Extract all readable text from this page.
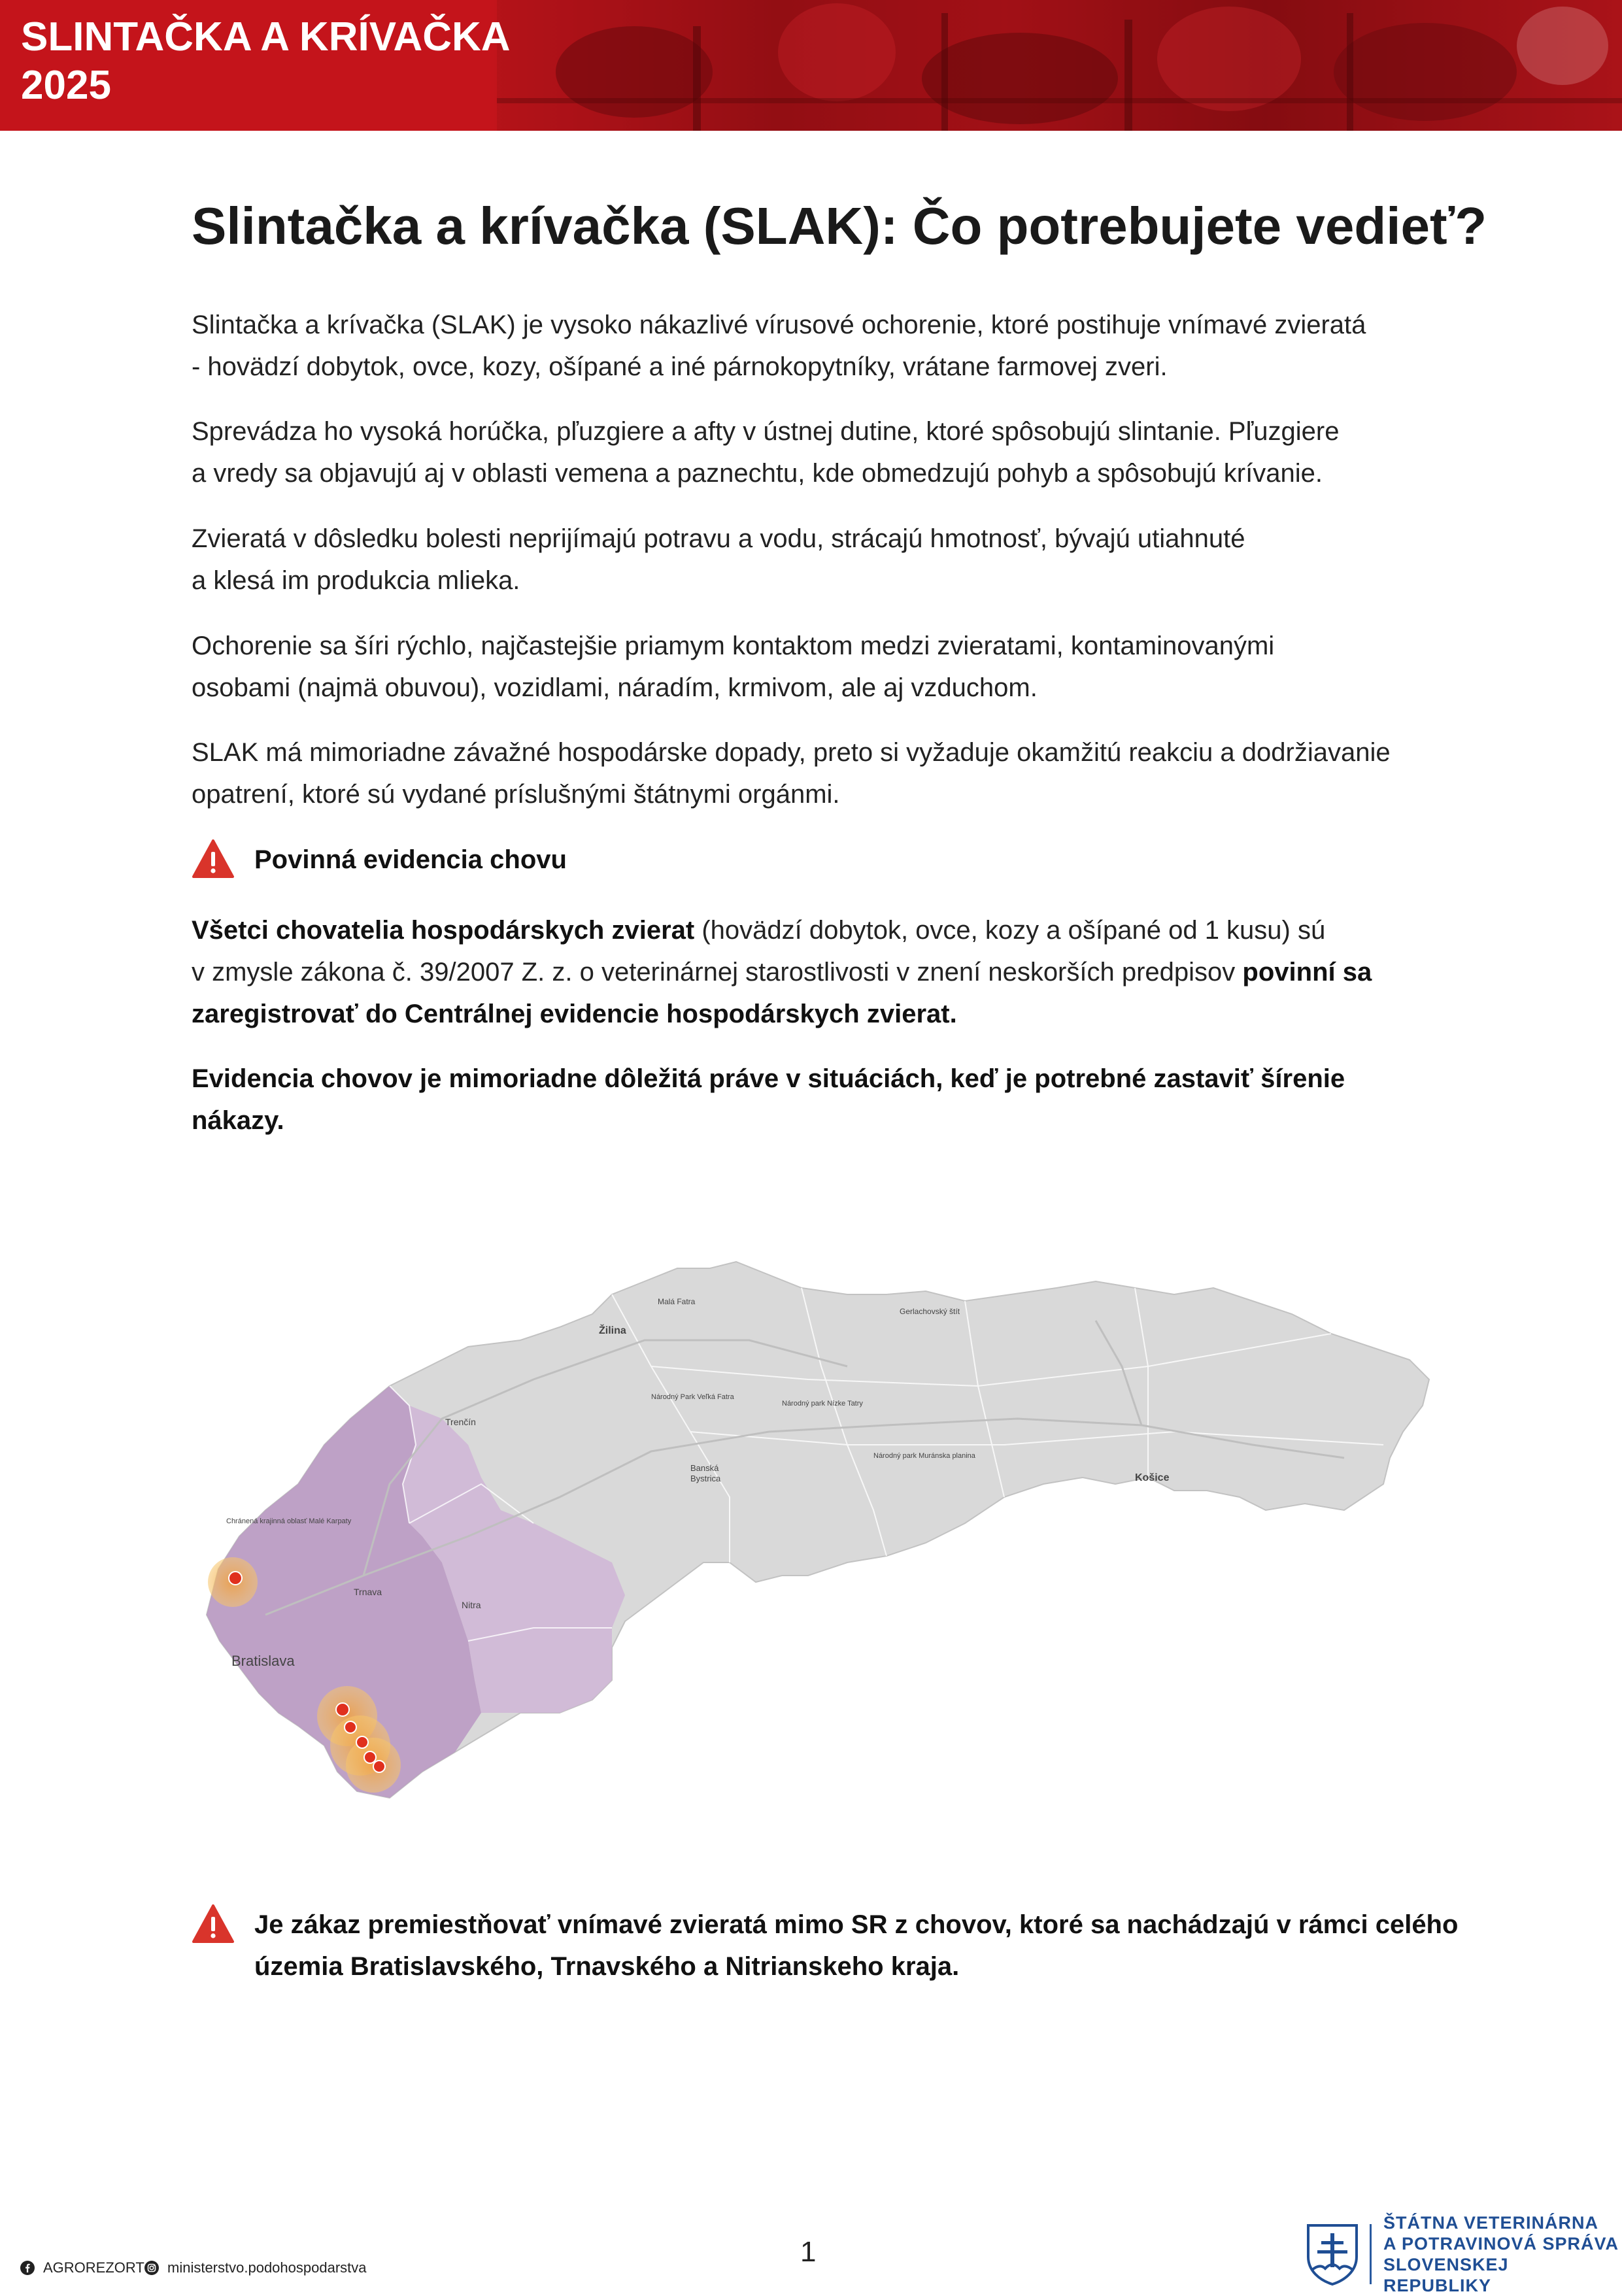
SLINTAČKA A KRÍVAČKA
2025
Slintačka a krívačka (SLAK): Čo potrebujete vedieť?

Slintačka a krívačka (SLAK) je vysoko nákazlivé vírusové ochorenie, ktoré postihuje vnímavé zvieratá
- hovädzí dobytok, ovce, kozy, ošípané a iné párnokopytníky, vrátane farmovej zveri.

Sprevádza ho vysoká horúčka, pľuzgiere a afty v ústnej dutine, ktoré spôsobujú slintanie. Pľuzgiere
a vredy sa objavujú aj v oblasti vemena a paznechtu, kde obmedzujú pohyb a spôsobujú krívanie.

Zvieratá v dôsledku bolesti neprijímajú potravu a vodu, strácajú hmotnosť, bývajú utiahnuté
a klesá im produkcia mlieka.

Ochorenie sa šíri rýchlo, najčastejšie priamym kontaktom medzi zvieratami, kontaminovanými
osobami (najmä obuvou), vozidlami, náradím, krmivom, ale aj vzduchom.

SLAK má mimoriadne závažné hospodárske dopady, preto si vyžaduje okamžitú reakciu a dodržiavanie
opatrení, ktoré sú vydané príslušnými štátnymi orgánmi.

Povinná evidencia chovu

Všetci chovatelia hospodárskych zvierat (hovädzí dobytok, ovce, kozy a ošípané od 1 kusu) sú
v zmysle zákona č. 39/2007 Z. z. o veterinárnej starostlivosti v znení neskorších predpisov povinní sa
zaregistrovať do Centrálnej evidencie hospodárskych zvierat.

Evidencia chovov je mimoriadne dôležitá práve v situáciách, keď je potrebné zastaviť šírenie nákazy.

Žilina
Trenčín
Nitra
Trnava
Košice
Banská
Bystrica
Bratislava
Malá Fatra
Národný Park Veľká Fatra
Národný park Nízke Tatry
Národný park Muránska planina
Gerlachovský štít
Chránená krajinná oblasť Malé Karpaty
Je zákaz premiestňovať vnímavé zvieratá mimo SR z chovov, ktoré sa nachádzajú v rámci celého
územia Bratislavského, Trnavského a Nitrianskeho kraja.
AGROREZORT ministerstvo.podohospodarstva	1
ŠTÁTNA VETERINÁRNA
A POTRAVINOVÁ SPRÁVA
SLOVENSKEJ REPUBLIKY
